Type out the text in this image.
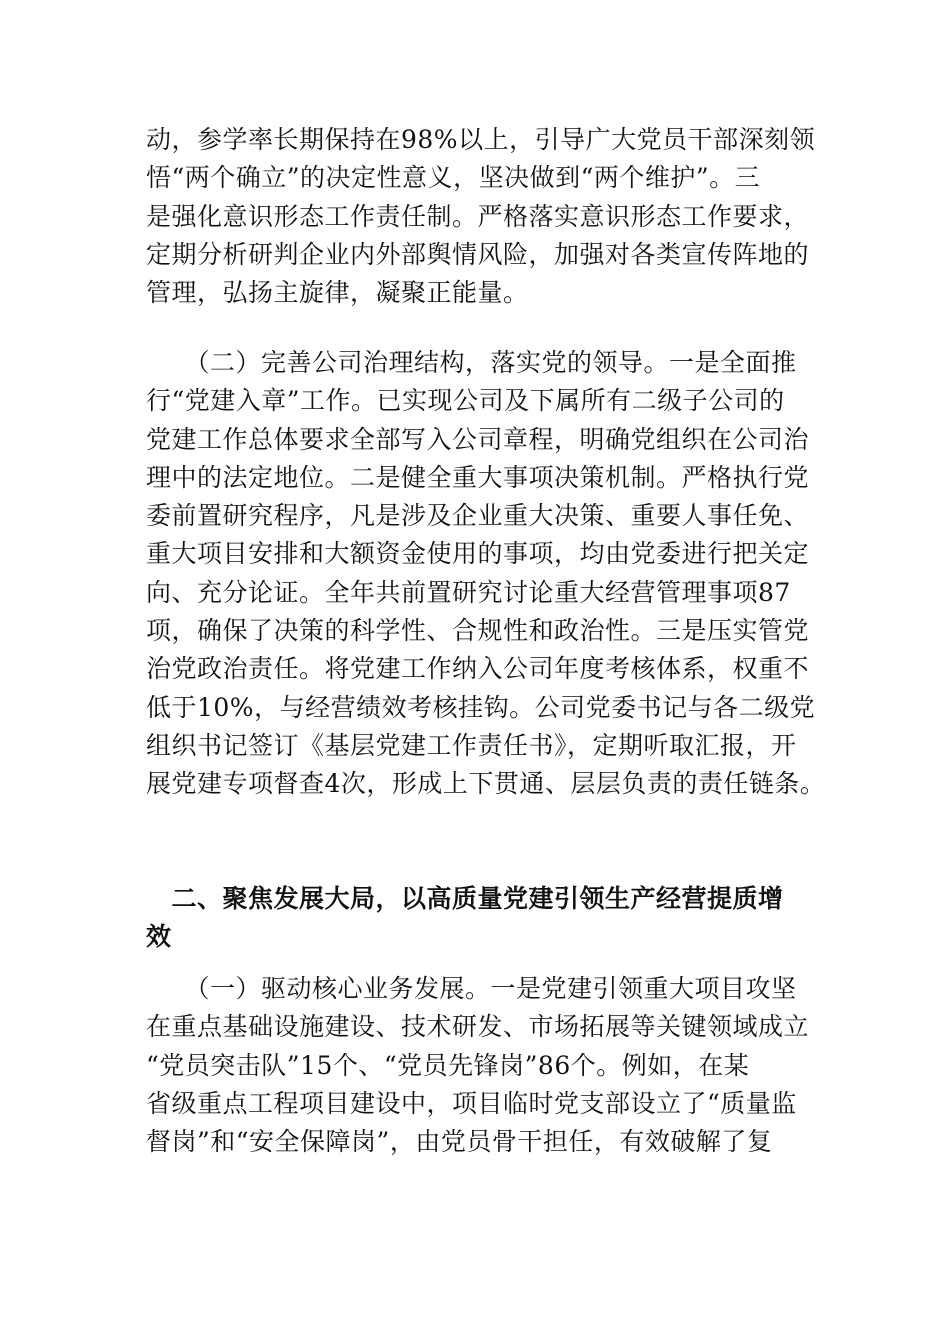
动，参学率长期保持在98%以上，引导广大党员干部深刻领
悟“两个确立”的决定性意义，坚决做到“两个维护”。三
是强化意识形态工作责任制。严格落实意识形态工作要求，
定期分析研判企业内外部舆情风险，加强对各类宣传阵地的
管理，弘扬主旋律，凝聚正能量。
　　（二）完善公司治理结构，落实党的领导。一是全面推
行“党建入章”工作。已实现公司及下属所有二级子公司的
党建工作总体要求全部写入公司章程，明确党组织在公司治
理中的法定地位。二是健全重大事项决策机制。严格执行党
委前置研究程序，凡是涉及企业重大决策、重要人事任免、
重大项目安排和大额资金使用的事项，均由党委进行把关定
向、充分论证。全年共前置研究讨论重大经营管理事项87
项，确保了决策的科学性、合规性和政治性。三是压实管党
治党政治责任。将党建工作纳入公司年度考核体系，权重不
低于10%，与经营绩效考核挂钩。公司党委书记与各二级党
组织书记签订《基层党建工作责任书》，定期听取汇报，开
展党建专项督查4次，形成上下贯通、层层负责的责任链条。
　二、聚焦发展大局，以高质量党建引领生产经营提质增
效
　　（一）驱动核心业务发展。一是党建引领重大项目攻坚
在重点基础设施建设、技术研发、市场拓展等关键领域成立
“党员突击队”15个、“党员先锋岗”86个。例如，在某
省级重点工程项目建设中，项目临时党支部设立了“质量监
督岗”和“安全保障岗”，由党员骨干担任，有效破解了复
